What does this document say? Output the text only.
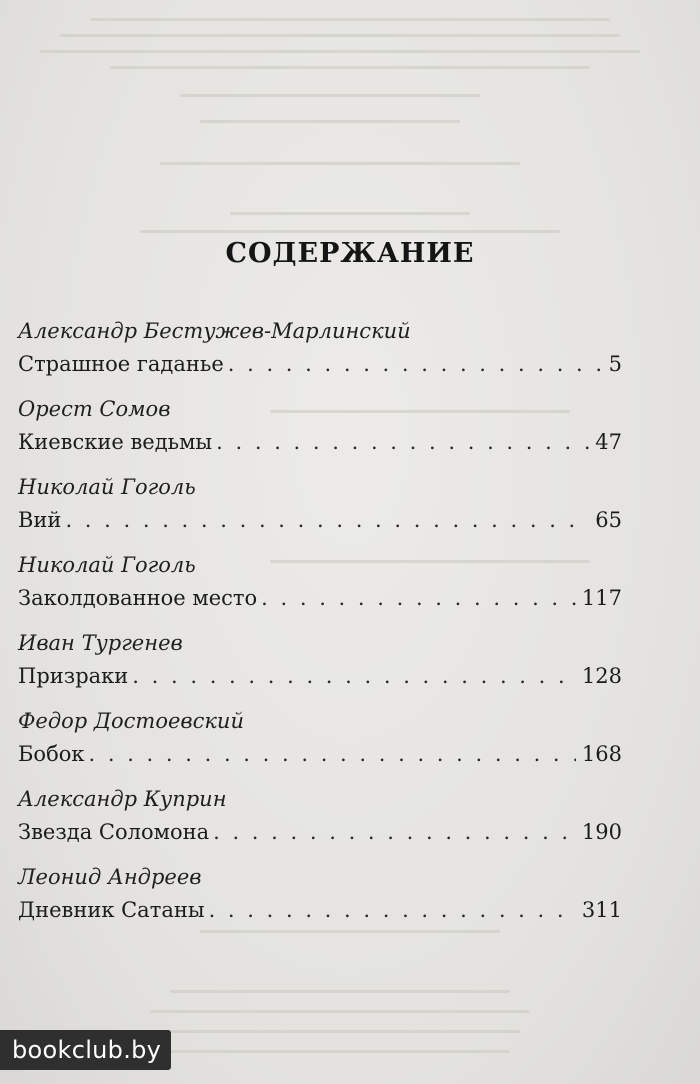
СОДЕРЖАНИЕ
Александр Бестужев-Марлинский
Страшное гаданье . . .	5
Орест Сомов
Киевские ведьмы . . .	47
Николай Гоголь
Вий . . .	65
Николай Гоголь
Заколдованное место . . .	117
Иван Тургенев
Призраки . . .	128
Федор Достоевский
Бобок . . .	168
Александр Куприн
Звезда Соломона . . .	190
Леонид Андреев
Дневник Сатаны . . .	311
bookclub.by
